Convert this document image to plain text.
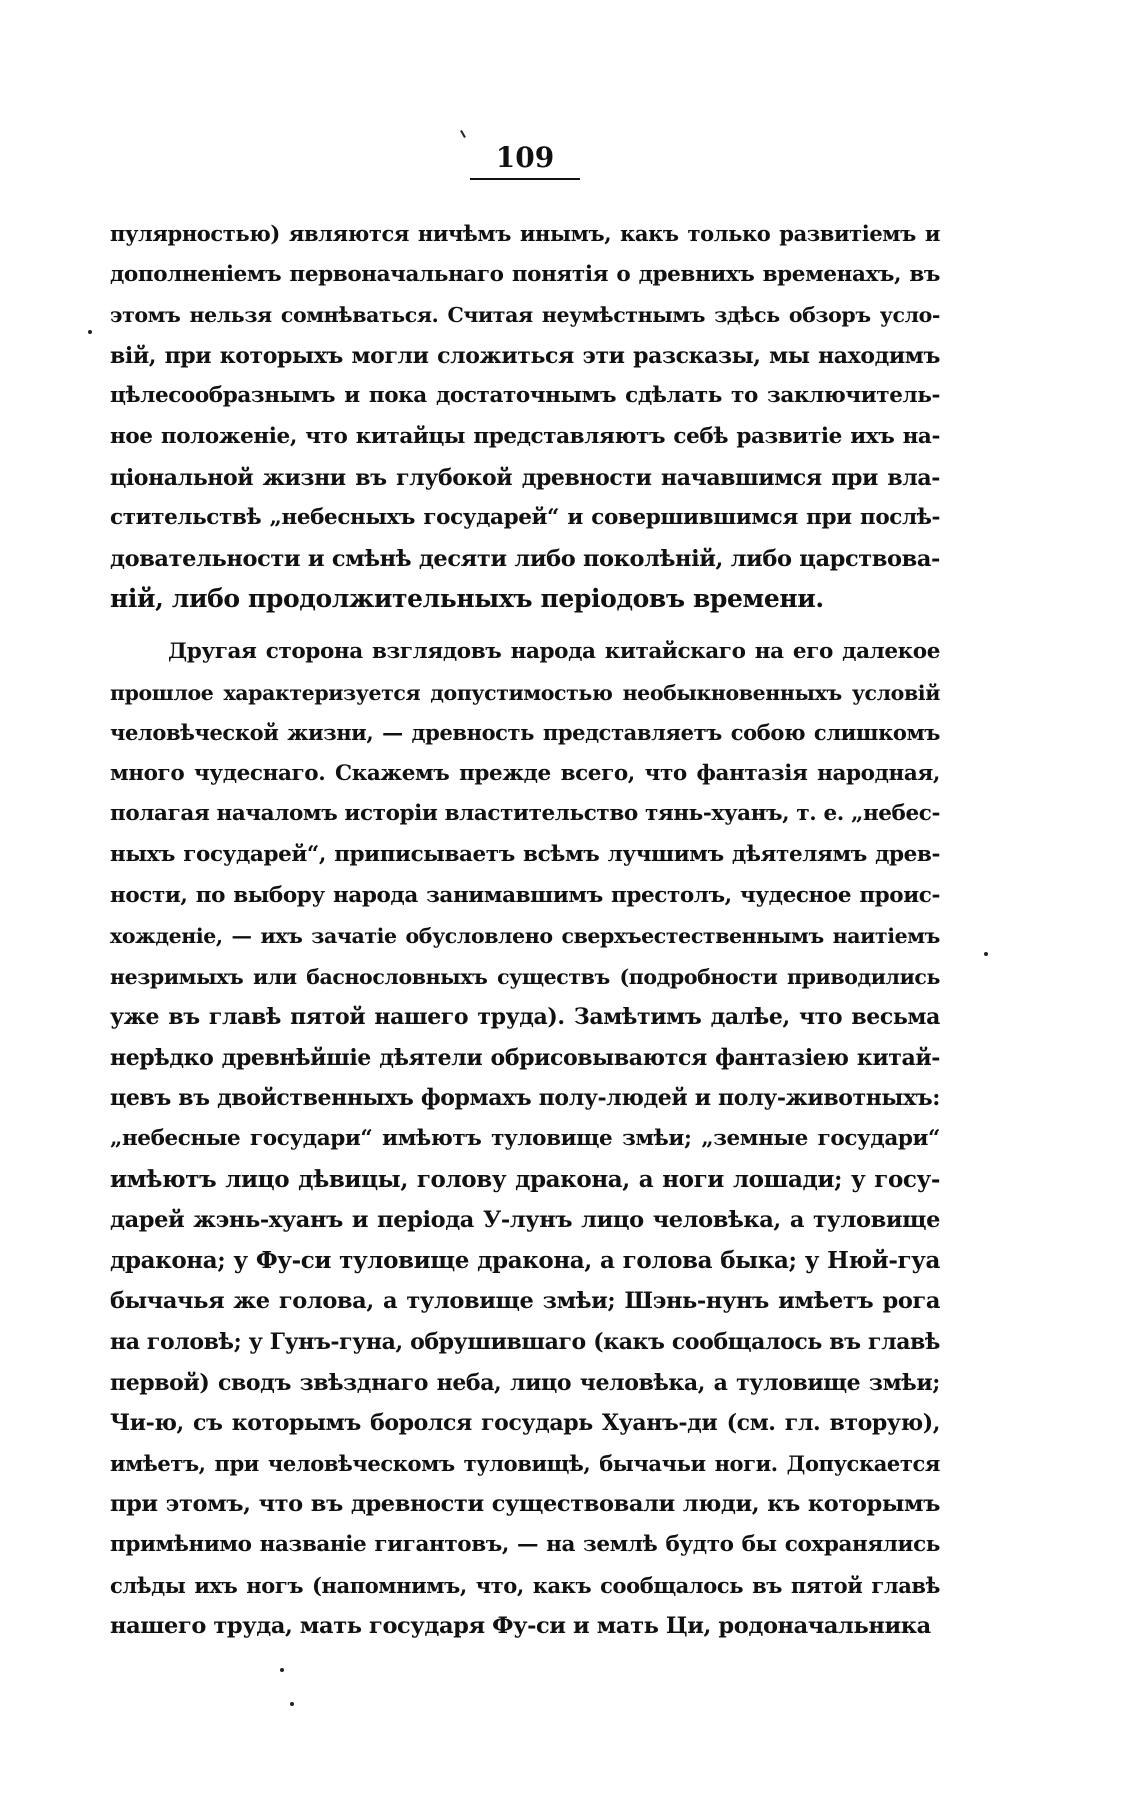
109
пулярностью) являются ничѣмъ инымъ, какъ только развитіемъ и
дополненіемъ первоначальнаго понятія о древнихъ временахъ, въ
этомъ нельзя сомнѣваться. Считая неумѣстнымъ здѣсь обзоръ усло-
вій, при которыхъ могли сложиться эти разсказы, мы находимъ
цѣлесообразнымъ и пока достаточнымъ сдѣлать то заключитель-
ное положеніе, что китайцы представляютъ себѣ развитіе ихъ на-
ціональной жизни въ глубокой древности начавшимся при вла-
стительствѣ „небесныхъ государей“ и совершившимся при послѣ-
довательности и смѣнѣ десяти либо поколѣній, либо царствова-
ній, либо продолжительныхъ періодовъ времени.
Другая сторона взглядовъ народа китайскаго на его далекое
прошлое характеризуется допустимостью необыкновенныхъ условій
человѣческой жизни, — древность представляетъ собою слишкомъ
много чудеснаго. Скажемъ прежде всего, что фантазія народная,
полагая началомъ исторіи властительство тянь-хуанъ, т. е. „небес-
ныхъ государей“, приписываетъ всѣмъ лучшимъ дѣятелямъ древ-
ности, по выбору народа занимавшимъ престолъ, чудесное проис-
хожденіе, — ихъ зачатіе обусловлено сверхъестественнымъ наитіемъ
незримыхъ или баснословныхъ существъ (подробности приводились
уже въ главѣ пятой нашего труда). Замѣтимъ далѣе, что весьма
нерѣдко древнѣйшіе дѣятели обрисовываются фантазіею китай-
цевъ въ двойственныхъ формахъ полу-людей и полу-животныхъ:
„небесные государи“ имѣютъ туловище змѣи; „земные государи“
имѣютъ лицо дѣвицы, голову дракона, а ноги лошади; у госу-
дарей жэнь-хуанъ и періода У-лунъ лицо человѣка, а туловище
дракона; у Фу-си туловище дракона, а голова быка; у Нюй-гуа
бычачья же голова, а туловище змѣи; Шэнь-нунъ имѣетъ рога
на головѣ; у Гунъ-гуна, обрушившаго (какъ сообщалось въ главѣ
первой) сводъ звѣзднаго неба, лицо человѣка, а туловище змѣи;
Чи-ю, съ которымъ боролся государь Хуанъ-ди (см. гл. вторую),
имѣетъ, при человѣческомъ туловищѣ, бычачьи ноги. Допускается
при этомъ, что въ древности существовали люди, къ которымъ
примѣнимо названіе гигантовъ, — на землѣ будто бы сохранялись
слѣды ихъ ногъ (напомнимъ, что, какъ сообщалось въ пятой главѣ
нашего труда, мать государя Фу-си и мать Ци, родоначальника
